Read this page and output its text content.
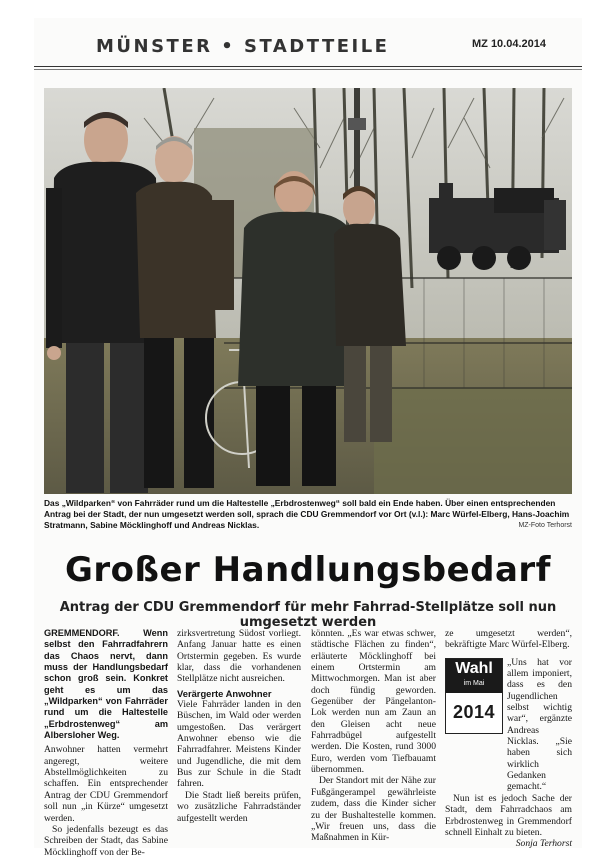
MÜNSTER • STADTTEILE	MZ 10.04.2014
Das „Wildparken“ von Fahrräder rund um die Haltestelle „Erbdrostenweg“ soll bald ein Ende haben. Über einen entsprechenden Antrag bei der Stadt, der nun umgesetzt werden soll, sprach die CDU Gremmendorf vor Ort (v.l.): Marc Würfel-Elberg, Hans-Joachim Stratmann, Sabine Möcklinghoff und Andreas Nicklas.	MZ-Foto Terhorst
Großer Handlungsbedarf
Antrag der CDU Gremmendorf für mehr Fahrrad-Stellplätze soll nun umgesetzt werden

GREMMENDORF. Wenn selbst den Fahrradfahrern das Chaos nervt, dann muss der Handlungsbedarf schon groß sein. Konkret geht es um das „Wildparken“ von Fahrräder rund um die Haltestelle „Erbdrostenweg“ am Albersloher Weg.

Anwohner hatten vermehrt angeregt, weitere Abstellmöglichkeiten zu schaffen. Ein entsprechender Antrag der CDU Gremmendorf soll nun „in Kürze“ umgesetzt werden.

So jedenfalls bezeugt es das Schreiben der Stadt, das Sabine Möcklinghoff von der Be-

zirksvertretung Südost vorliegt. Anfang Januar hatte es einen Ortstermin gegeben. Es wurde klar, dass die vorhandenen Stellplätze nicht ausreichen.

Verärgerte Anwohner

Viele Fahrräder landen in den Büschen, im Wald oder werden umgestoßen. Das verärgert Anwohner ebenso wie die Fahrradfahrer. Meistens Kinder und Jugendliche, die mit dem Bus zur Schule in die Stadt fahren.

Die Stadt ließ bereits prüfen, wo zusätzliche Fahrradständer aufgestellt werden

könnten. „Es war etwas schwer, städtische Flächen zu finden“, erläuterte Möcklinghoff bei einem Ortstermin am Mittwochmorgen. Man ist aber doch fündig geworden. Gegenüber der Pängelanton-Lok werden nun am Zaun an den Gleisen acht neue Fahrradbügel aufgestellt werden. Die Kosten, rund 3000 Euro, werden vom Tiefbauamt übernommen.

Der Standort mit der Nähe zur Fußgängerampel gewährleiste zudem, dass die Kinder sicher zu der Bushaltestelle kommen. „Wir freuen uns, dass die Maßnahmen in Kür-

ze umgesetzt werden“, bekräftigte Marc Würfel-Elberg.

„Uns hat vor allem imponiert, dass es den Jugendlichen selbst wichtig war“, ergänzte Andreas Nicklas. „Sie haben sich wirklich Gedanken gemacht.“

Nun ist es jedoch Sache der Stadt, dem Fahrradchaos am Erbdrostenweg in Gremmendorf schnell Einhalt zu bieten.

Sonja Terhorst

Wahl
im Mai
2014
